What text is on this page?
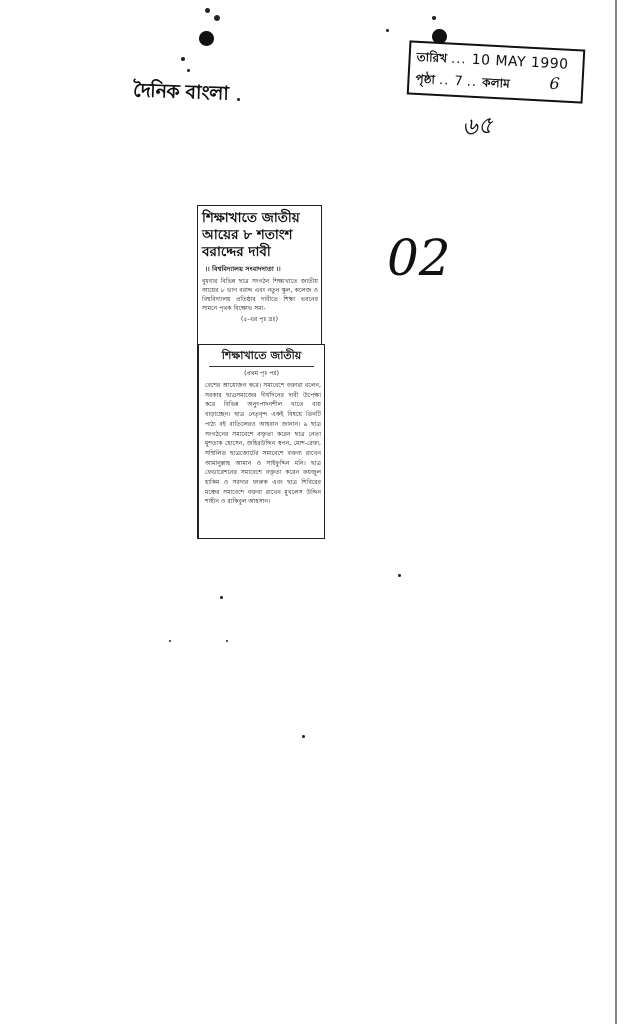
দৈনিক বাংলা
তারিখ ... 10 MAY 1990
পৃষ্ঠা .. 7 .. কলাম 6
৬৫
02
শিক্ষাখাতে জাতীয়
আয়ের ৮ শতাংশ
বরাদ্দের দাবী
।। বিশ্ববিদ্যালয় সংবাদদাতা ।।
বুধবার বিভিন্ন ছাত্র সংগঠন শিক্ষাখাতে জাতীয় আয়ের ৮ ভাগ বরাদ্দ এবং নতুন স্কুল, কলেজ ও বিশ্ববিদ্যালয় প্রতিষ্ঠার দাবীতে শিক্ষা ভবনের সামনে পৃথক বিক্ষোভ সমা-
(৫-এর পৃঃ দ্রঃ)
শিক্ষাখাতে জাতীয়
(প্রথম পৃঃ পর)
বেশের আয়োজন করে। সমাবেশে বক্তারা বলেন, সরকার ছাত্রসমাজের দীর্ঘদিনের দাবী উপেক্ষা করে বিভিন্ন অনুৎপাদনশীল খাতে ব্যয় বাড়াচ্ছেন। ছাত্র নেতৃবৃন্দ একই বিষয়ে তিনটি পাঠ্য বই বাতিলেরও আহবান জানান। ৯ ছাত্র সংগঠনের সমাবেশে বক্তৃতা করেন ছাত্র নেতা মুশতাক হোসেন, জহিরউদ্দিন স্বপন, মোশ-রেফা, সম্মিলিত ছাত্রজোটের সমাবেশে বক্তব্য রাখেন আমানুল্লাহ আমান ও সাইফুদ্দিন মনি। ছাত্র ফেডারেশনের সমাবেশে বক্তৃতা করেন ফয়জুল হাকিম ও সরদার ফারুক এবং ছাত্র শিবিরের মঞ্চের সমাবেশে বক্তব্য রাখেন মুখলেস উদ্দিন শাহীন ও রাকিবুল আহসান।
